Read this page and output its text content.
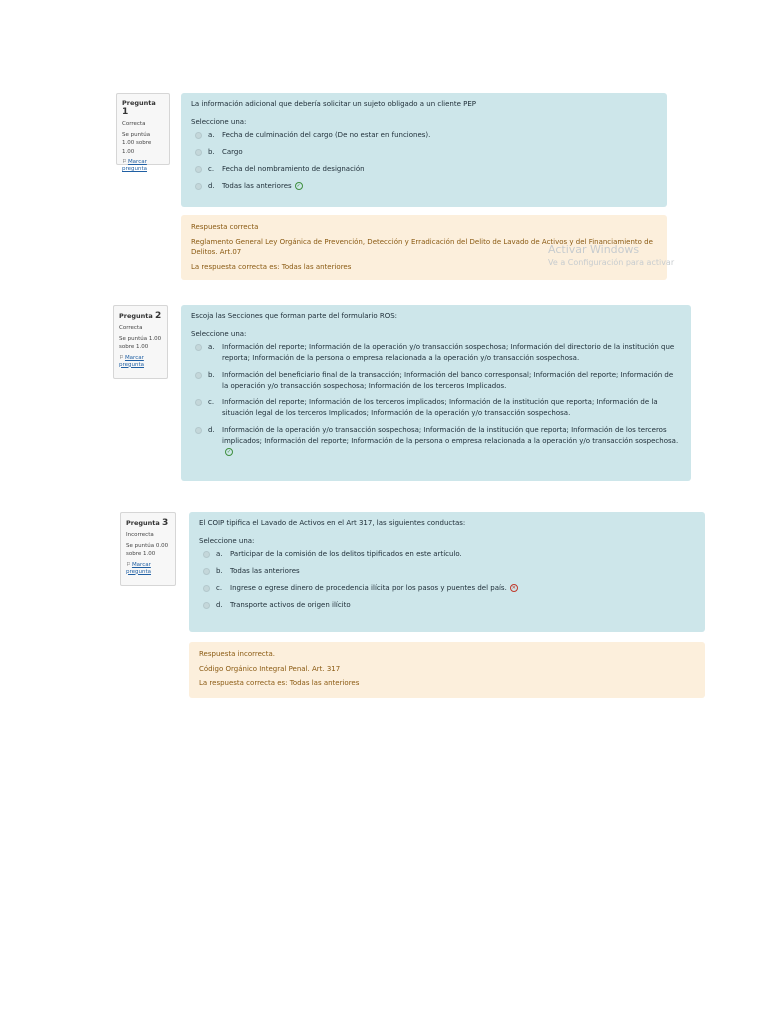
Pregunta 1
Correcta
Se puntúa 1.00 sobre 1.00
⚐Marcar pregunta
La información adicional que debería solicitar un sujeto obligado a un cliente PEP
Seleccione una:
a.	Fecha de culminación del cargo (De no estar en funciones).
b.	Cargo
c.	Fecha del nombramiento de designación
d.	Todas las anteriores ✓
Respuesta correcta
Reglamento General Ley Orgánica de Prevención, Detección y Erradicación del Delito de Lavado de Activos y del Financiamiento de Delitos. Art.07
La respuesta correcta es: Todas las anteriores
Activar Windows
Ve a Configuración para activar
Pregunta 2
Correcta
Se puntúa 1.00 sobre 1.00
⚐Marcar pregunta
Escoja las Secciones que forman parte del formulario ROS:
Seleccione una:
a.	Información del reporte; Información de la operación y/o transacción sospechosa; Información del directorio de la institución que reporta; Información de la persona o empresa relacionada a la operación y/o transacción sospechosa.
b.	Información del beneficiario final de la transacción; Información del banco corresponsal; Información del reporte; Información de la operación y/o transacción sospechosa; Información de los terceros Implicados.
c.	Información del reporte; Información de los terceros implicados; Información de la institución que reporta; Información de la situación legal de los terceros Implicados; Información de la operación y/o transacción sospechosa.
d.	Información de la operación y/o transacción sospechosa; Información de la institución que reporta; Información de los terceros implicados; Información del reporte; Información de la persona o empresa relacionada a la operación y/o transacción sospechosa.✓
Pregunta 3
Incorrecta
Se puntúa 0.00 sobre 1.00
⚐Marcar pregunta
El COIP tipifica el Lavado de Activos en el Art 317, las siguientes conductas:
Seleccione una:
a.	Participar de la comisión de los delitos tipificados en este artículo.
b.	Todas las anteriores
c.	Ingrese o egrese dinero de procedencia ilícita por los pasos y puentes del país. ✕
d.	Transporte activos de origen ilícito
Respuesta incorrecta.
Código Orgánico Integral Penal. Art. 317
La respuesta correcta es: Todas las anteriores
